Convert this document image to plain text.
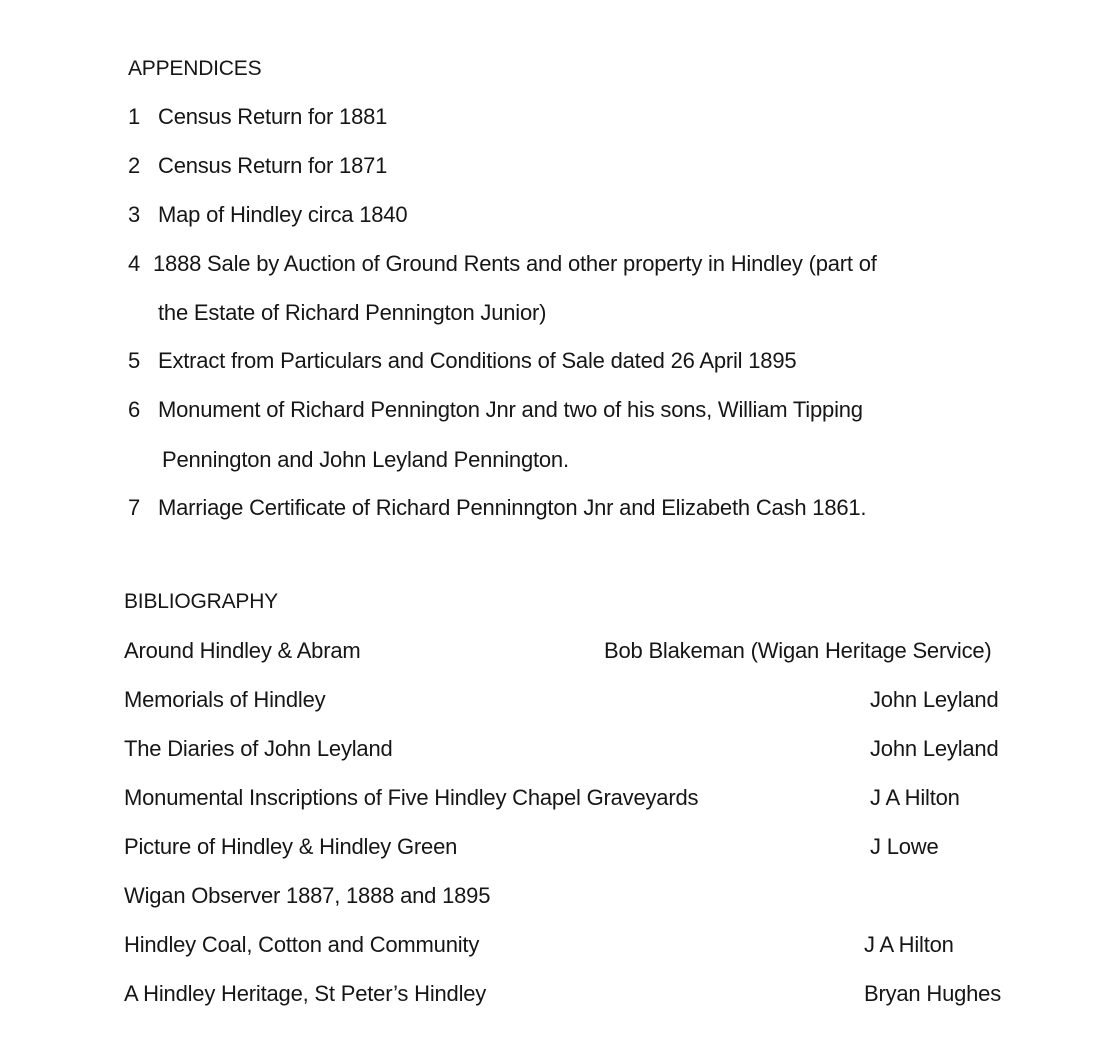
APPENDICES
1 Census Return for 1881
2 Census Return for 1871
3 Map of Hindley circa 1840
4 1888 Sale by Auction of Ground Rents and other property in Hindley (part of
the Estate of Richard Pennington Junior)
5 Extract from Particulars and Conditions of Sale dated 26 April 1895
6 Monument of Richard Pennington Jnr and two of his sons, William Tipping
Pennington and John Leyland Pennington.
7 Marriage Certificate of Richard Penninngton Jnr and Elizabeth Cash 1861.
BIBLIOGRAPHY
Around Hindley & Abram	Bob Blakeman (Wigan Heritage Service)
Memorials of Hindley	John Leyland
The Diaries of John Leyland	John Leyland
Monumental Inscriptions of Five Hindley Chapel Graveyards	J A Hilton
Picture of Hindley & Hindley Green	J Lowe
Wigan Observer 1887, 1888 and 1895
Hindley Coal, Cotton and Community	J A Hilton
A Hindley Heritage, St Peter’s Hindley	Bryan Hughes
